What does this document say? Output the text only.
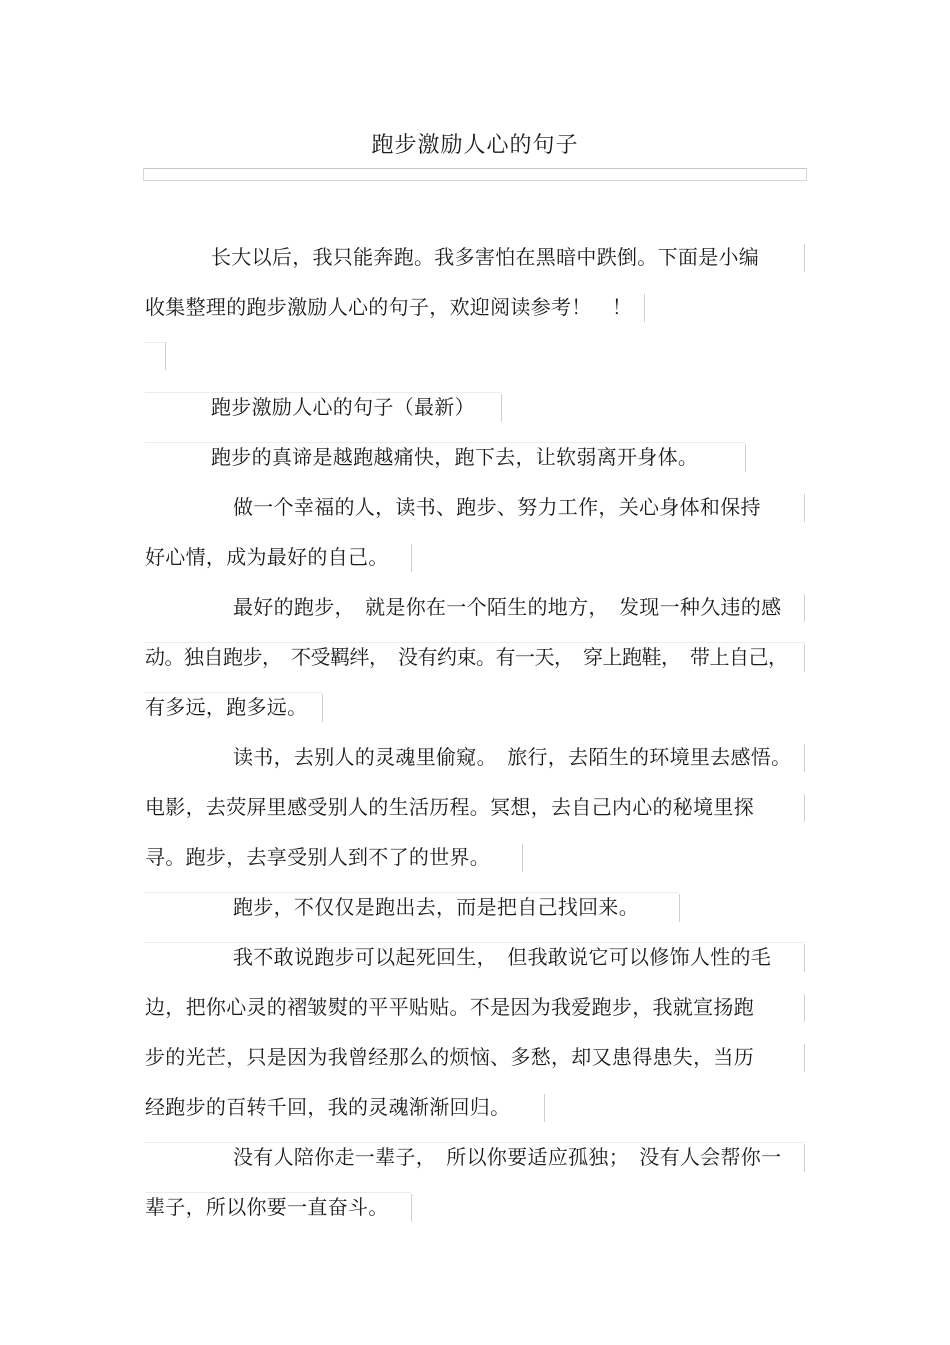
跑步激励人心的句子
长大以后，我只能奔跑。我多害怕在黑暗中跌倒。下面是小编
收集整理的跑步激励人心的句子，欢迎阅读参考！　！
跑步激励人心的句子（最新）
跑步的真谛是越跑越痛快，跑下去，让软弱离开身体。
做一个幸福的人，读书、跑步、努力工作，关心身体和保持
好心情，成为最好的自己。
最好的跑步，　就是你在一个陌生的地方，　发现一种久违的感
动。独自跑步，　不受羁绊，　没有约束。有一天，　穿上跑鞋，　带上自己，
有多远，跑多远。
读书，去别人的灵魂里偷窥。　旅行，去陌生的环境里去感悟。
电影，去荧屏里感受别人的生活历程。冥想，去自己内心的秘境里探
寻。跑步，去享受别人到不了的世界。
跑步，不仅仅是跑出去，而是把自己找回来。
我不敢说跑步可以起死回生，　但我敢说它可以修饰人性的毛
边，把你心灵的褶皱熨的平平贴贴。不是因为我爱跑步，我就宣扬跑
步的光芒，只是因为我曾经那么的烦恼、多愁，却又患得患失，当历
经跑步的百转千回，我的灵魂渐渐回归。
没有人陪你走一辈子，　所以你要适应孤独；　没有人会帮你一
辈子，所以你要一直奋斗。
